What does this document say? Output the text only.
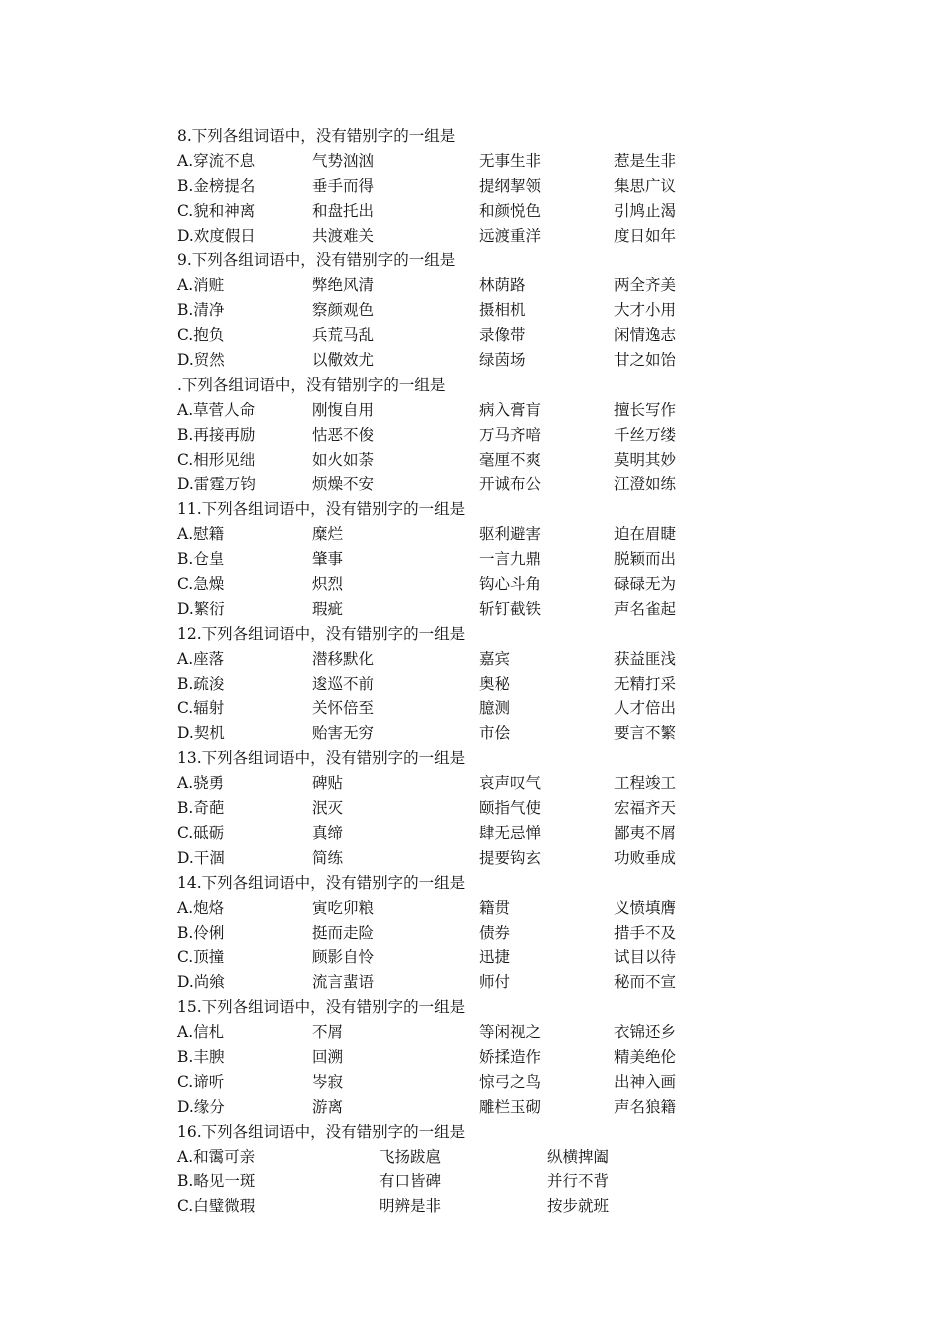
8.下列各组词语中，没有错别字的一组是
A.穿流不息	气势汹汹	无事生非	惹是生非
B.金榜提名	垂手而得	提纲挈领	集思广议
C.貌和神离	和盘托出	和颜悦色	引鸠止渴
D.欢度假日	共渡难关	远渡重洋	度日如年
9.下列各组词语中，没有错别字的一组是
A.消赃	弊绝风清	林荫路	两全齐美
B.清净	察颜观色	摄相机	大才小用
C.抱负	兵荒马乱	录像带	闲情逸志
D.贸然	以儆效尤	绿茵场	甘之如饴
.下列各组词语中，没有错别字的一组是
A.草菅人命	刚愎自用	病入膏肓	擅长写作
B.再接再励	怙恶不俊	万马齐喑	千丝万缕
C.相形见绌	如火如荼	毫厘不爽	莫明其妙
D.雷霆万钧	烦燥不安	开诚布公	江澄如练
11.下列各组词语中，没有错别字的一组是
A.慰籍	糜烂	驱利避害	迫在眉睫
B.仓皇	肇事	一言九鼎	脱颖而出
C.急燥	炽烈	钩心斗角	碌碌无为
D.繁衍	瑕疵	斩钉截铁	声名雀起
12.下列各组词语中，没有错别字的一组是
A.座落	潜移默化	嘉宾	获益匪浅
B.疏浚	逡巡不前	奥秘	无精打采
C.辐射	关怀倍至	臆测	人才倍出
D.契机	贻害无穷	市侩	要言不繁
13.下列各组词语中，没有错别字的一组是
A.骁勇	碑贴	哀声叹气	工程竣工
B.奇葩	泯灭	颐指气使	宏福齐天
C.砥砺	真缔	肆无忌惮	鄙夷不屑
D.干涸	简练	提要钩玄	功败垂成
14.下列各组词语中，没有错别字的一组是
A.炮烙	寅吃卯粮	籍贯	义愤填膺
B.伶俐	挺而走险	债券	措手不及
C.顶撞	顾影自怜	迅捷	试目以待
D.尚飨	流言蜚语	师付	秘而不宣
15.下列各组词语中，没有错别字的一组是
A.信札	不屑	等闲视之	衣锦还乡
B.丰腴	回溯	娇揉造作	精美绝伦
C.谛听	岑寂	惊弓之鸟	出神入画
D.缘分	游离	雕栏玉砌	声名狼籍
16.下列各组词语中，没有错别字的一组是
A.和霭可亲	飞扬跋扈	纵横捭阖
B.略见一斑	有口皆碑	并行不背
C.白璧微瑕	明辨是非	按步就班
